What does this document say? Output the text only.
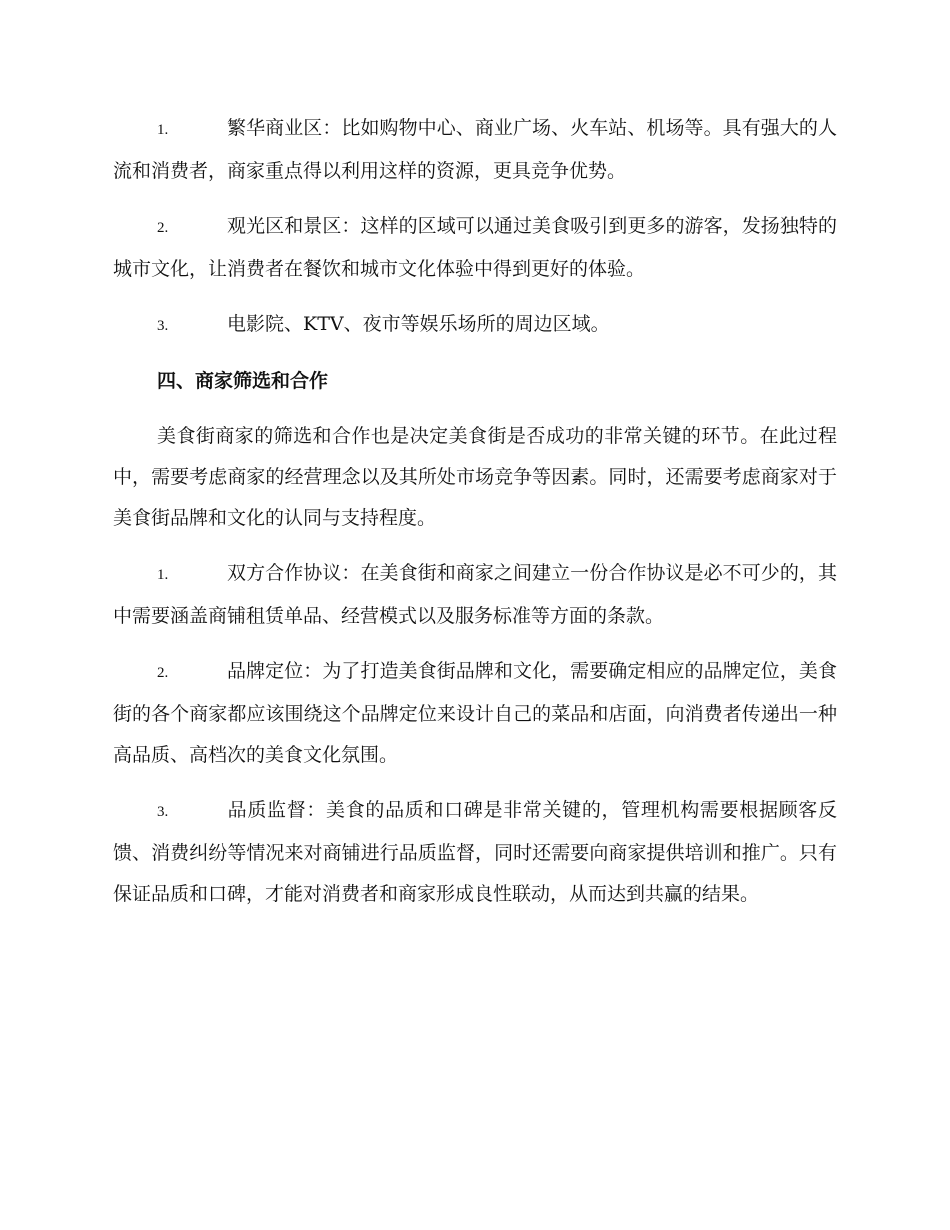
1.	繁华商业区：比如购物中心、商业广场、火车站、机场等。具有强大的人流和消费者，商家重点得以利用这样的资源，更具竞争优势。

2.	观光区和景区：这样的区域可以通过美食吸引到更多的游客，发扬独特的城市文化，让消费者在餐饮和城市文化体验中得到更好的体验。

3.	电影院、KTV、夜市等娱乐场所的周边区域。

四、商家筛选和合作

美食街商家的筛选和合作也是决定美食街是否成功的非常关键的环节。在此过程中，需要考虑商家的经营理念以及其所处市场竞争等因素。同时，还需要考虑商家对于美食街品牌和文化的认同与支持程度。

1.	双方合作协议：在美食街和商家之间建立一份合作协议是必不可少的，其中需要涵盖商铺租赁单品、经营模式以及服务标准等方面的条款。

2.	品牌定位：为了打造美食街品牌和文化，需要确定相应的品牌定位，美食街的各个商家都应该围绕这个品牌定位来设计自己的菜品和店面，向消费者传递出一种高品质、高档次的美食文化氛围。

3.	品质监督：美食的品质和口碑是非常关键的，管理机构需要根据顾客反馈、消费纠纷等情况来对商铺进行品质监督，同时还需要向商家提供培训和推广。只有保证品质和口碑，才能对消费者和商家形成良性联动，从而达到共赢的结果。
